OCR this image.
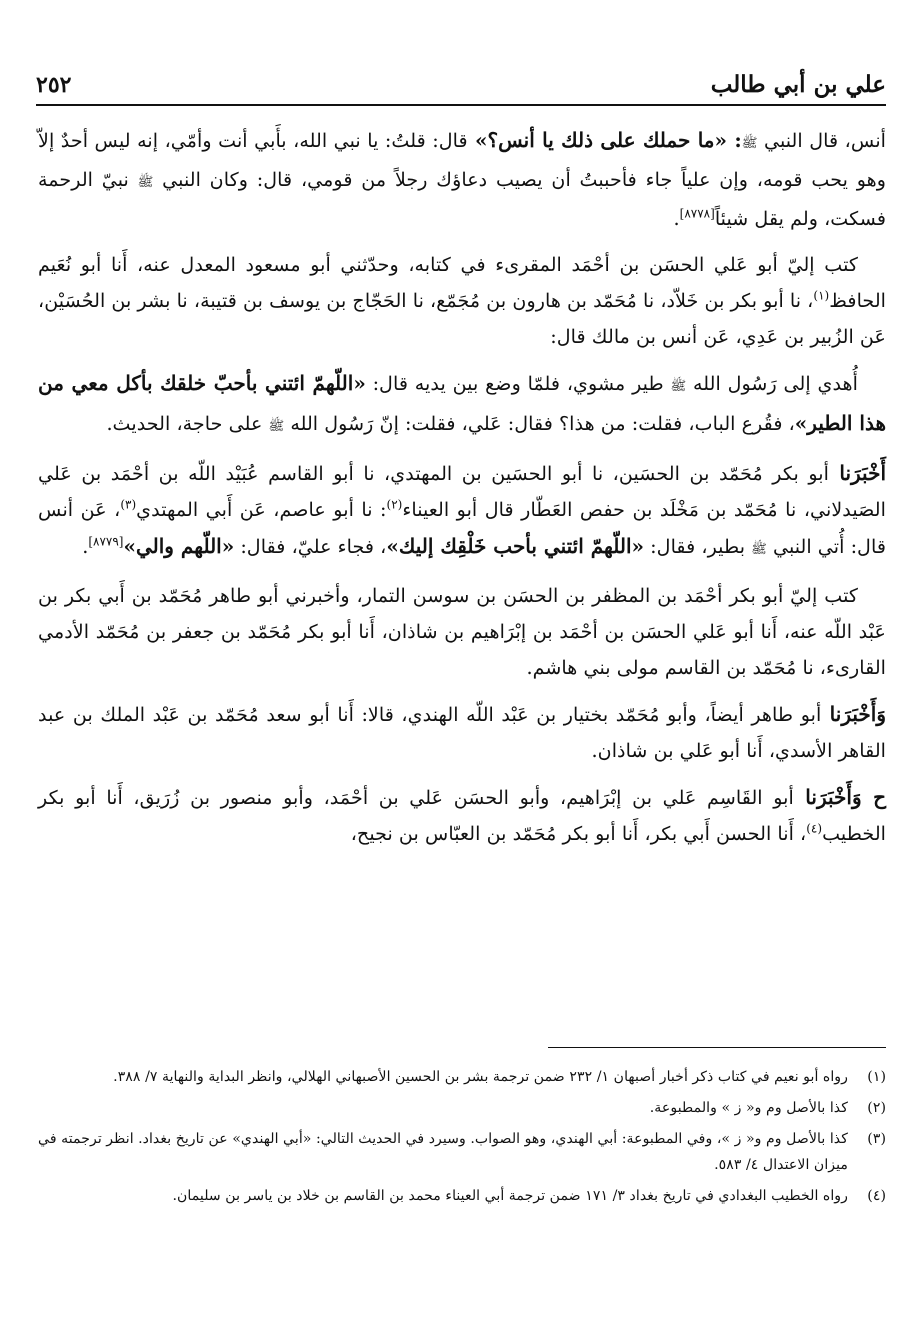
علي بن أبي طالب
٢٥٢

أنس، قال النبي ﷺ: «ما حملك على ذلك يا أنس؟» قال: قلتُ: يا نبي الله، بأَبي أنت وأمّي، إنه ليس أحدٌ إلاّ وهو يحب قومه، وإن علياً جاء فأحببتُ أن يصيب دعاؤك رجلاً من قومي، قال: وكان النبي ﷺ نبيّ الرحمة فسكت، ولم يقل شيئاً[٨٧٧٨].

كتب إليّ أبو عَلي الحسَن بن أحْمَد المقرىء في كتابه، وحدّثني أبو مسعود المعدل عنه، أَنا أبو نُعَيم الحافظ$^{(١)}$، نا أبو بكر بن خَلاّد، نا مُحَمّد بن هارون بن مُجَمّع، نا الحَجّاج بن يوسف بن قتيبة، نا بشر بن الحُسَيْن، عَن الزُبير بن عَدِي، عَن أنس بن مالك قال:

أُهدي إلى رَسُول الله ﷺ طير مشوي، فلمّا وضع بين يديه قال: «اللّهمّ ائتني بأحبّ خلقك بأكل معي من هذا الطير»، فقُرع الباب، فقلت: من هذا؟ فقال: عَلي، فقلت: إنّ رَسُول الله ﷺ على حاجة، الحديث.

أَخْبَرَنا أبو بكر مُحَمّد بن الحسَين، نا أبو الحسَين بن المهتدي، نا أبو القاسم عُبَيْد اللّه بن أحْمَد بن عَلي الصَيدلاني، نا مُحَمّد بن مَخْلَد بن حفص العَطّار قال أبو العيناء$^{(٢)}$: نا أبو عاصم، عَن أَبي المهتدي$^{(٣)}$، عَن أنس قال: أُتي النبي ﷺ بطير، فقال: «اللّهمّ ائتني بأحب خَلْقِك إليك»، فجاء عليّ، فقال: «اللّهم والي»[٨٧٧٩].

كتب إليّ أبو بكر أحْمَد بن المظفر بن الحسَن بن سوسن التمار، وأخبرني أبو طاهر مُحَمّد بن أَبي بكر بن عَبْد اللّه عنه، أَنا أبو عَلي الحسَن بن أحْمَد بن إبْرَاهيم بن شاذان، أَنا أبو بكر مُحَمّد بن جعفر بن مُحَمّد الأدمي القارىء، نا مُحَمّد بن القاسم مولى بني هاشم.

وَأَخْبَرَنا أبو طاهر أيضاً، وأبو مُحَمّد بختيار بن عَبْد اللّه الهندي، قالا: أَنا أبو سعد مُحَمّد بن عَبْد الملك بن عبد القاهر الأسدي، أَنا أبو عَلي بن شاذان.

ح وَأَخْبَرَنا أبو القَاسِم عَلي بن إبْرَاهيم، وأبو الحسَن عَلي بن أحْمَد، وأبو منصور بن زُرَيق، أَنا أبو بكر الخطيب$^{(٤)}$، أَنا الحسن أَبي بكر، أَنا أبو بكر مُحَمّد بن العبّاس بن نجيح،

(١)
رواه أبو نعيم في كتاب ذكر أخبار أصبهان ١/ ٢٣٢ ضمن ترجمة بشر بن الحسين الأصبهاني الهلالي، وانظر البداية والنهاية ٧/ ٣٨٨.
(٢)
كذا بالأصل وم و« ز » والمطبوعة.
(٣)
كذا بالأصل وم و« ز »، وفي المطبوعة: أبي الهندي، وهو الصواب. وسيرد في الحديث التالي: «أبي الهندي» عن تاريخ بغداد. انظر ترجمته في ميزان الاعتدال ٤/ ٥٨٣.
(٤)
رواه الخطيب البغدادي في تاريخ بغداد ٣/ ١٧١ ضمن ترجمة أبي العيناء محمد بن القاسم بن خلاد بن ياسر بن سليمان.
